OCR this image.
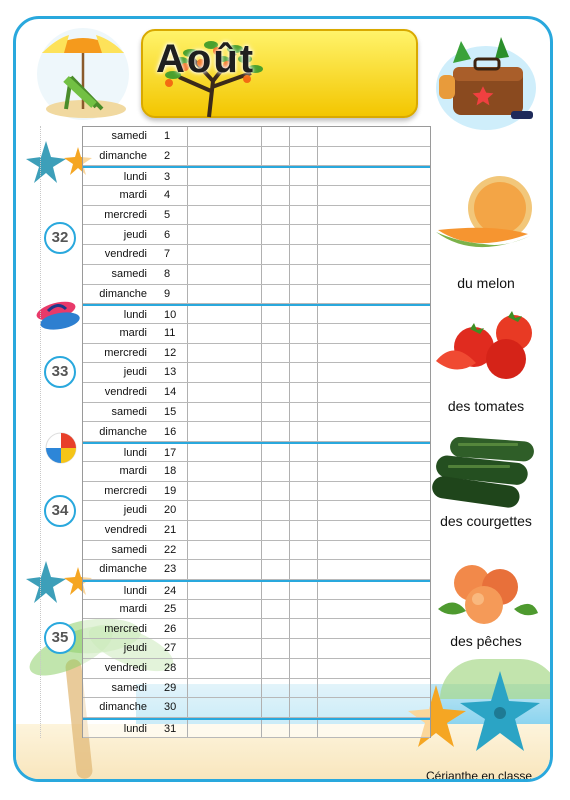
Août
du melon
des tomates
des courgettes
des pêches
32
33
34
35
samedi	1
dimanche	2
lundi	3
mardi	4
mercredi	5
jeudi	6
vendredi	7
samedi	8
dimanche	9
lundi	10
mardi	11
mercredi	12
jeudi	13
vendredi	14
samedi	15
dimanche	16
lundi	17
mardi	18
mercredi	19
jeudi	20
vendredi	21
samedi	22
dimanche	23
lundi	24
mardi	25
mercredi	26
jeudi	27
vendredi	28
samedi	29
dimanche	30
lundi	31
Cérianthe en classe
